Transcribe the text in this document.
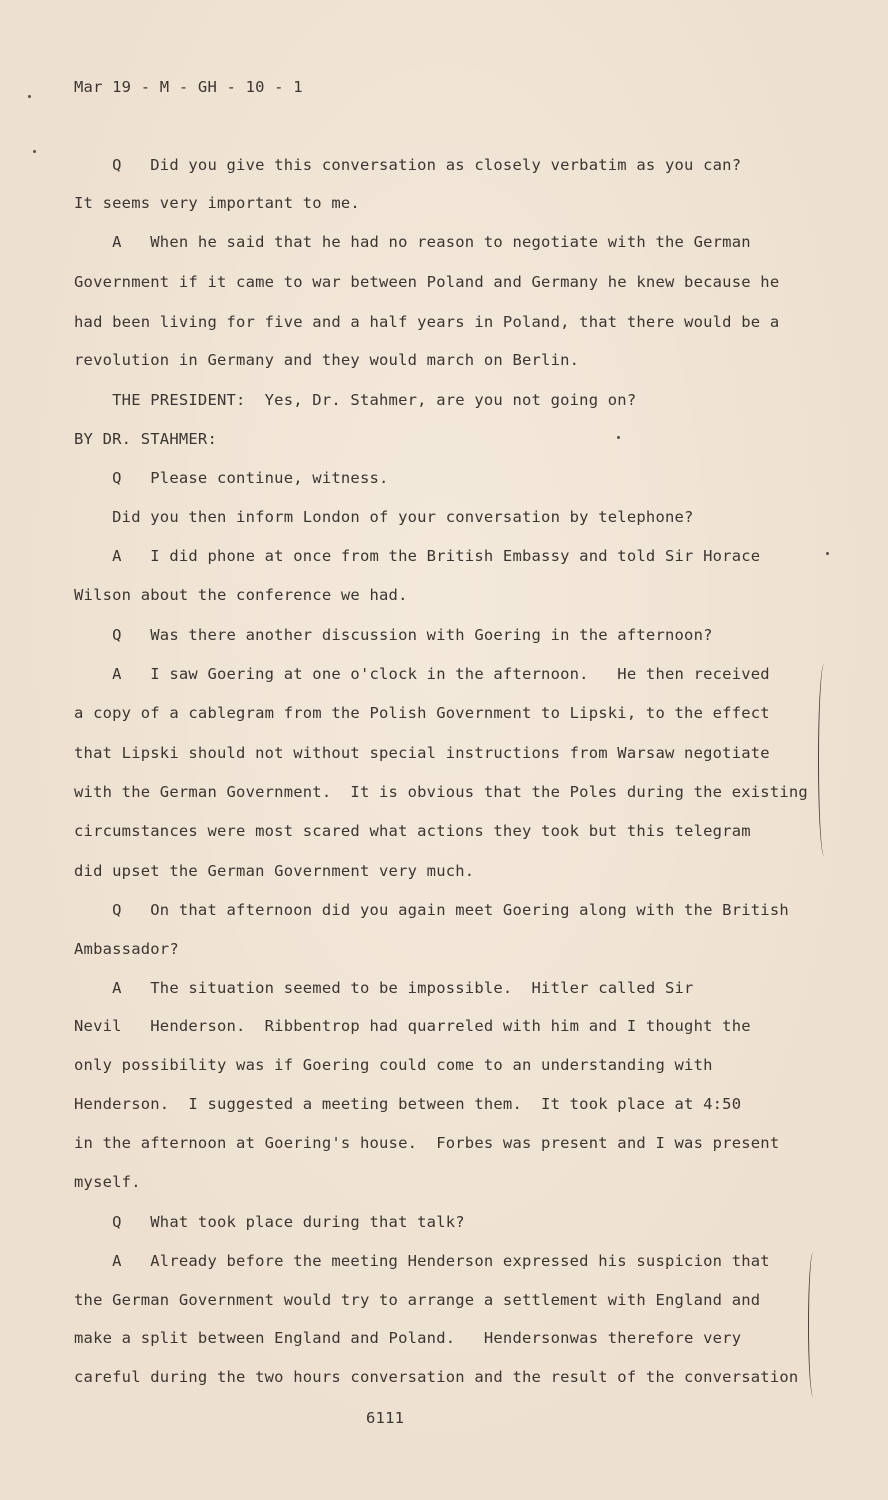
Mar 19 - M - GH - 10 - 1
Q   Did you give this conversation as closely verbatim as you can?
It seems very important to me.
A   When he said that he had no reason to negotiate with the German
Government if it came to war between Poland and Germany he knew because he
had been living for five and a half years in Poland, that there would be a
revolution in Germany and they would march on Berlin.
THE PRESIDENT:  Yes, Dr. Stahmer, are you not going on?
BY DR. STAHMER:
Q   Please continue, witness.
Did you then inform London of your conversation by telephone?
A   I did phone at once from the British Embassy and told Sir Horace
Wilson about the conference we had.
Q   Was there another discussion with Goering in the afternoon?
A   I saw Goering at one o'clock in the afternoon.   He then received
a copy of a cablegram from the Polish Government to Lipski, to the effect
that Lipski should not without special instructions from Warsaw negotiate
with the German Government.  It is obvious that the Poles during the existing
circumstances were most scared what actions they took but this telegram
did upset the German Government very much.
Q   On that afternoon did you again meet Goering along with the British
Ambassador?
A   The situation seemed to be impossible.  Hitler called Sir
Nevil   Henderson.  Ribbentrop had quarreled with him and I thought the
only possibility was if Goering could come to an understanding with
Henderson.  I suggested a meeting between them.  It took place at 4:50
in the afternoon at Goering's house.  Forbes was present and I was present
myself.
Q   What took place during that talk?
A   Already before the meeting Henderson expressed his suspicion that
the German Government would try to arrange a settlement with England and
make a split between England and Poland.   Hendersonwas therefore very
careful during the two hours conversation and the result of the conversation
6111
